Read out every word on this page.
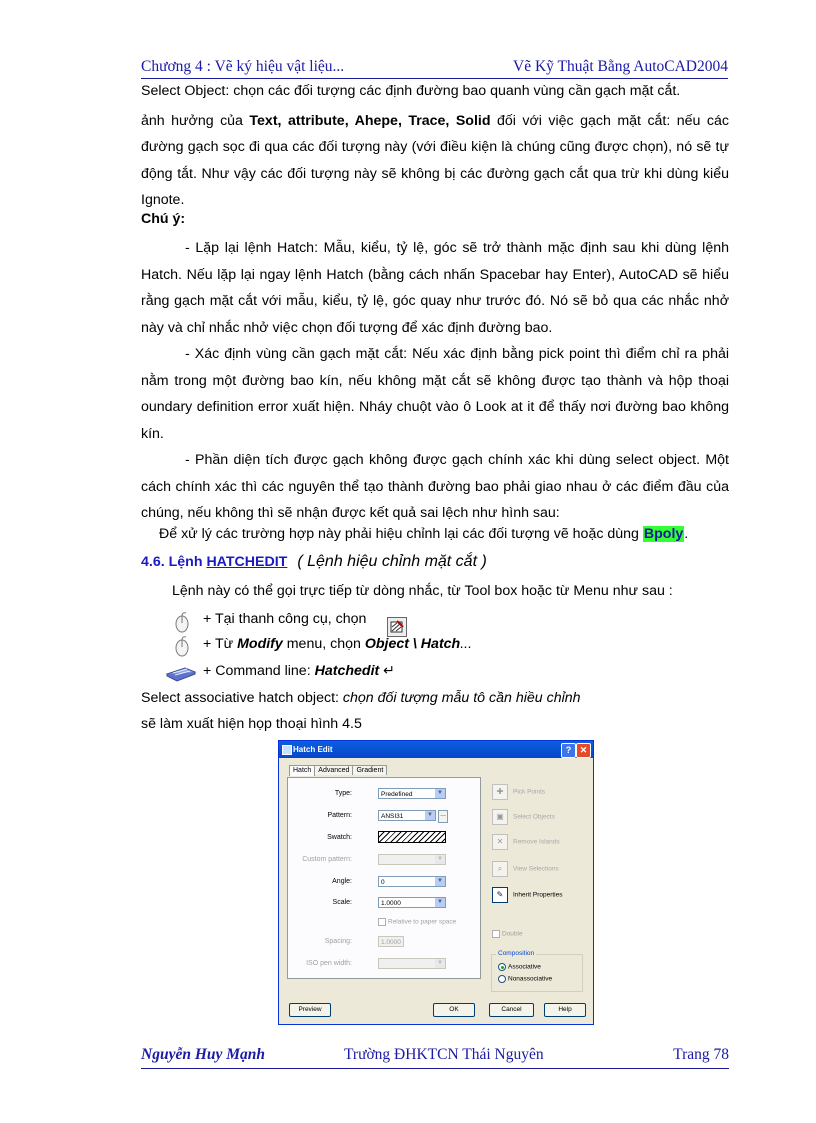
Chương 4 : Vẽ ký hiệu vật liệu...	Vẽ Kỹ Thuật Bằng AutoCAD2004
Select Object: chọn các đối tượng các định đường bao quanh vùng cần gạch mặt cắt.
ảnh hưởng của Text, attribute, Ahepe, Trace, Solid đối với việc gạch mặt cắt: nếu các đường gạch sọc đi qua các đối tượng này (với điều kiện là chúng cũng được chọn), nó sẽ tự động tắt. Như vậy các đối tượng này sẽ không bị các đường gạch cắt qua trừ khi dùng kiểu Ignote.
Chú ý:
- Lặp lại lệnh Hatch: Mẫu, kiểu, tỷ lệ, góc sẽ trở thành mặc định sau khi dùng lệnh Hatch. Nếu lặp lại ngay lệnh Hatch (bằng cách nhấn Spacebar hay Enter), AutoCAD sẽ hiểu rằng gạch mặt cắt với mẫu, kiểu, tỷ lệ, góc quay như trước đó. Nó sẽ bỏ qua các nhắc nhở này và chỉ nhắc nhở việc chọn đối tượng để xác định đường bao.
- Xác định vùng cần gạch mặt cắt: Nếu xác định bằng pick point thì điểm chỉ ra phải nằm trong một đường bao kín, nếu không mặt cắt sẽ không được tạo thành và hộp thoại oundary definition error xuất hiện. Nháy chuột vào ô Look at it để thấy nơi đường bao không kín.
- Phần diện tích được gạch không được gạch chính xác khi dùng select object. Một cách chính xác thì các nguyên thể tạo thành đường bao phải giao nhau ở các điểm đầu của chúng, nếu không thì sẽ nhận được kết quả sai lệch như hình sau:
Để xử lý các trường hợp này phải hiệu chỉnh lại các đối tượng vẽ hoặc dùng Bpoly.
4.6. Lệnh HATCHEDIT ( Lệnh hiệu chỉnh mặt cắt )
Lệnh này có thể gọi trực tiếp từ dòng nhắc, từ Tool box hoặc từ Menu như sau :
+ Tại thanh công cụ, chọn
+ Từ Modify menu, chọn Object \ Hatch...
+ Command line: Hatchedit ↵
Select associative hatch object: chọn đối tượng mẫu tô cần hiều chỉnh
sẽ làm xuất hiện họp thoại hình 4.5
Hatch Edit	? ✕
Hatch Advanced Gradient
Type:	Predefined	▼
Pattern:	ANSI31	▼	…
Swatch:
Custom pattern:	▼
Angle:	0	▼
Scale:	1.0000	▼
Relative to paper space
Spacing:	1.0000
ISO pen width:	▼
✚ Pick Points
▣ Select Objects
✕ Remove Islands
⌕ View Selections
✎ Inherit Properties
Double
Composition
Associative
Nonassociative
Preview	OK	Cancel	Help
Nguyễn Huy Mạnh	Trường ĐHKTCN Thái Nguyên	Trang 78
